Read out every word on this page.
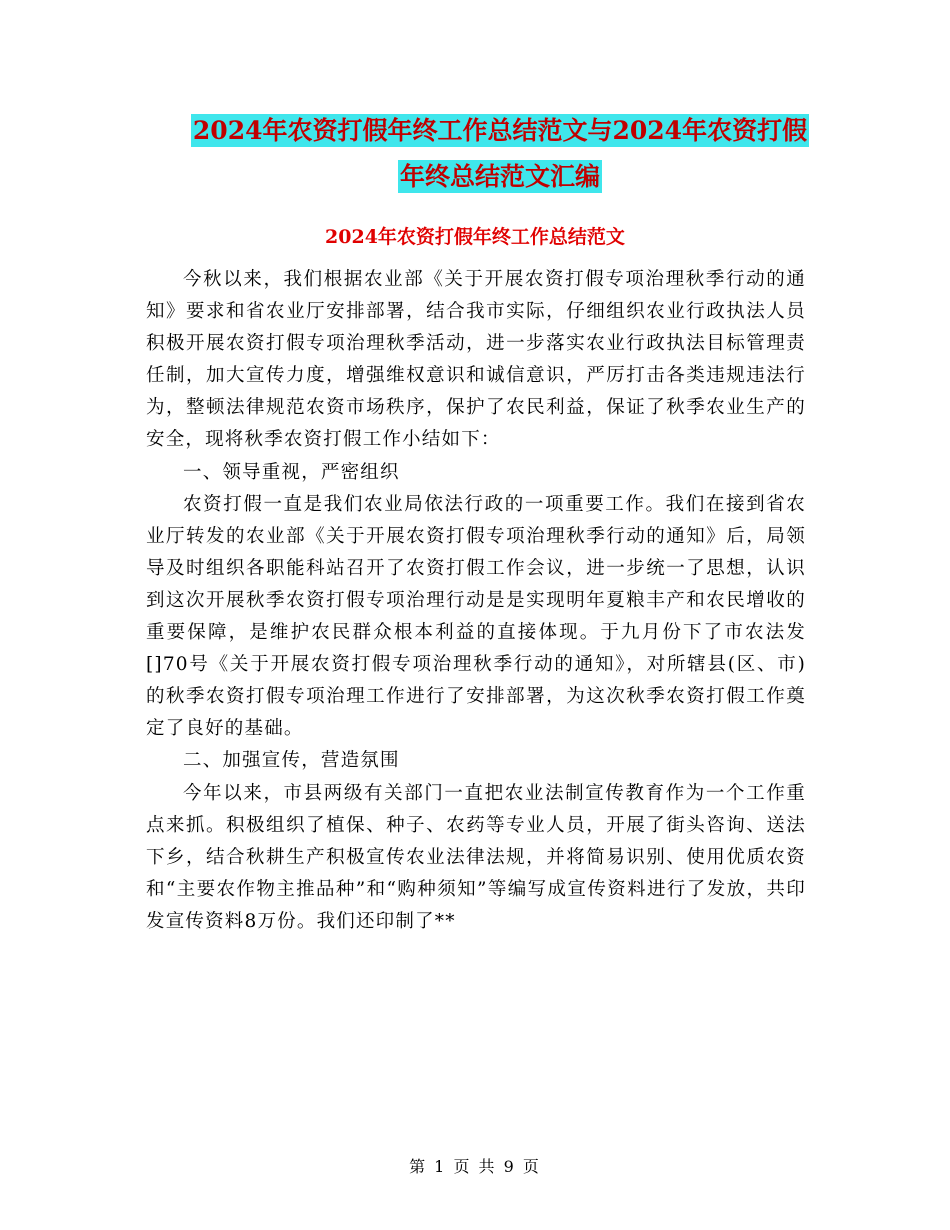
2024年农资打假年终工作总结范文与2024年农资打假
年终总结范文汇编
2024年农资打假年终工作总结范文

今秋以来，我们根据农业部《关于开展农资打假专项治理秋季行动的通知》要求和省农业厅安排部署，结合我市实际，仔细组织农业行政执法人员积极开展农资打假专项治理秋季活动，进一步落实农业行政执法目标管理责任制，加大宣传力度，增强维权意识和诚信意识，严厉打击各类违规违法行为，整顿法律规范农资市场秩序，保护了农民利益，保证了秋季农业生产的安全，现将秋季农资打假工作小结如下：

一、领导重视，严密组织

农资打假一直是我们农业局依法行政的一项重要工作。我们在接到省农业厅转发的农业部《关于开展农资打假专项治理秋季行动的通知》后，局领导及时组织各职能科站召开了农资打假工作会议，进一步统一了思想，认识到这次开展秋季农资打假专项治理行动是是实现明年夏粮丰产和农民增收的重要保障，是维护农民群众根本利益的直接体现。于九月份下了市农法发[]70号《关于开展农资打假专项治理秋季行动的通知》，对所辖县(区、市)的秋季农资打假专项治理工作进行了安排部署，为这次秋季农资打假工作奠定了良好的基础。

二、加强宣传，营造氛围

今年以来，市县两级有关部门一直把农业法制宣传教育作为一个工作重点来抓。积极组织了植保、种子、农药等专业人员，开展了街头咨询、送法下乡，结合秋耕生产积极宣传农业法律法规，并将简易识别、使用优质农资和“主要农作物主推品种”和“购种须知”等编写成宣传资料进行了发放，共印发宣传资料8万份。我们还印制了**

第 1 页 共 9 页
